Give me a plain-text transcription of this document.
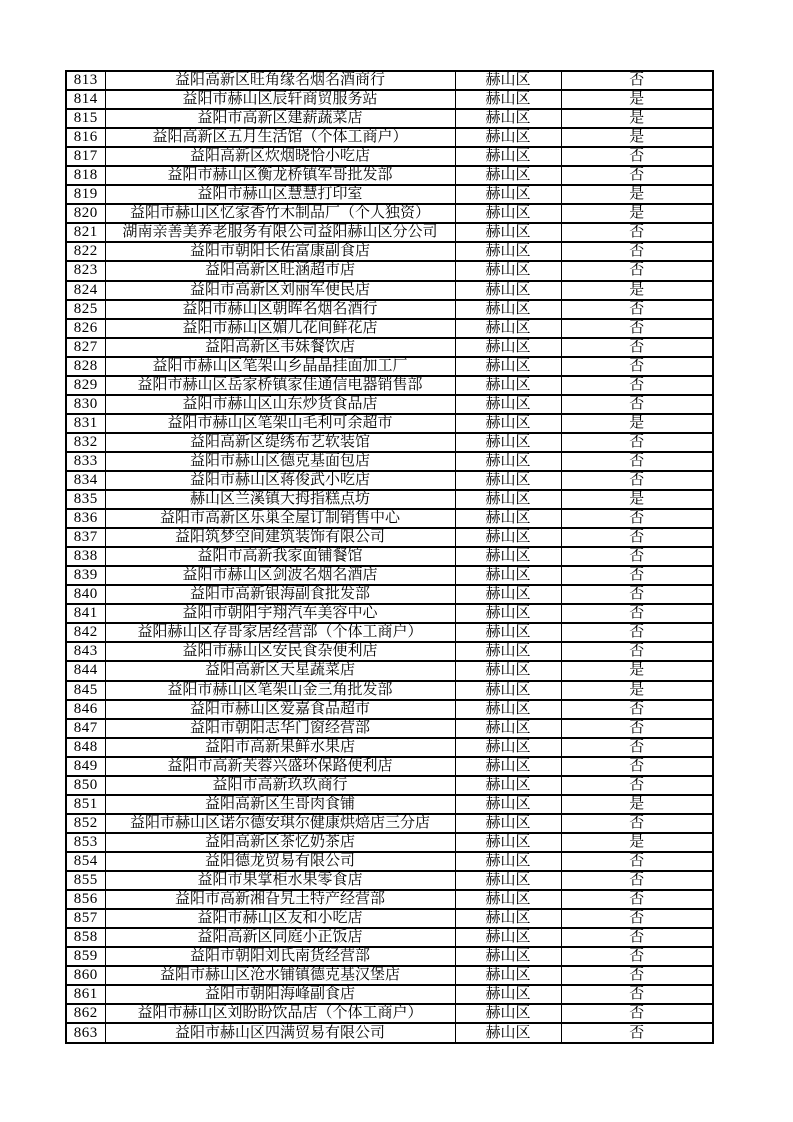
813	益阳高新区旺角缘名烟名酒商行	赫山区	否
814	益阳市赫山区辰轩商贸服务站	赫山区	是
815	益阳市高新区建薪蔬菜店	赫山区	是
816	益阳高新区五月生活馆（个体工商户）	赫山区	是
817	益阳高新区炊烟晓恰小吃店	赫山区	否
818	益阳市赫山区衡龙桥镇军哥批发部	赫山区	否
819	益阳市赫山区慧慧打印室	赫山区	是
820	益阳市赫山区忆家香竹木制品厂（个人独资）	赫山区	是
821	湖南亲善美养老服务有限公司益阳赫山区分公司	赫山区	否
822	益阳市朝阳长佑富康副食店	赫山区	否
823	益阳高新区旺涵超市店	赫山区	否
824	益阳市高新区刘丽军便民店	赫山区	是
825	益阳市赫山区朝晖名烟名酒行	赫山区	否
826	益阳市赫山区媚儿花间鲜花店	赫山区	否
827	益阳高新区韦妹餐饮店	赫山区	否
828	益阳市赫山区笔架山乡晶晶挂面加工厂	赫山区	否
829	益阳市赫山区岳家桥镇家佳通信电器销售部	赫山区	否
830	益阳市赫山区山东炒货食品店	赫山区	否
831	益阳市赫山区笔架山毛利可余超市	赫山区	是
832	益阳高新区缇绣布艺软装馆	赫山区	否
833	益阳市赫山区德克基面包店	赫山区	否
834	益阳市赫山区蒋俊武小吃店	赫山区	否
835	赫山区兰溪镇大拇指糕点坊	赫山区	是
836	益阳市高新区乐巢全屋订制销售中心	赫山区	否
837	益阳筑梦空间建筑装饰有限公司	赫山区	否
838	益阳市高新我家面铺餐馆	赫山区	否
839	益阳市赫山区剑波名烟名酒店	赫山区	否
840	益阳市高新银海副食批发部	赫山区	否
841	益阳市朝阳宇翔汽车美容中心	赫山区	否
842	益阳赫山区存哥家居经营部（个体工商户）	赫山区	否
843	益阳市赫山区安民食杂便利店	赫山区	否
844	益阳高新区天星蔬菜店	赫山区	是
845	益阳市赫山区笔架山金三角批发部	赫山区	是
846	益阳市赫山区爱嘉食品超市	赫山区	否
847	益阳市朝阳志华门窗经营部	赫山区	否
848	益阳市高新果鲜水果店	赫山区	否
849	益阳市高新芙蓉兴盛环保路便利店	赫山区	否
850	益阳市高新玖玖商行	赫山区	否
851	益阳高新区生哥肉食铺	赫山区	是
852	益阳市赫山区诺尔德安琪尔健康烘焙店三分店	赫山区	否
853	益阳高新区茶忆奶茶店	赫山区	是
854	益阳德龙贸易有限公司	赫山区	否
855	益阳市果掌柜水果零食店	赫山区	否
856	益阳市高新湘旮旯土特产经营部	赫山区	否
857	益阳市赫山区友和小吃店	赫山区	否
858	益阳高新区同庭小正饭店	赫山区	否
859	益阳市朝阳刘氏南货经营部	赫山区	否
860	益阳市赫山区沧水铺镇德克基汉堡店	赫山区	否
861	益阳市朝阳海峰副食店	赫山区	否
862	益阳市赫山区刘盼盼饮品店（个体工商户）	赫山区	否
863	益阳市赫山区四满贸易有限公司	赫山区	否
